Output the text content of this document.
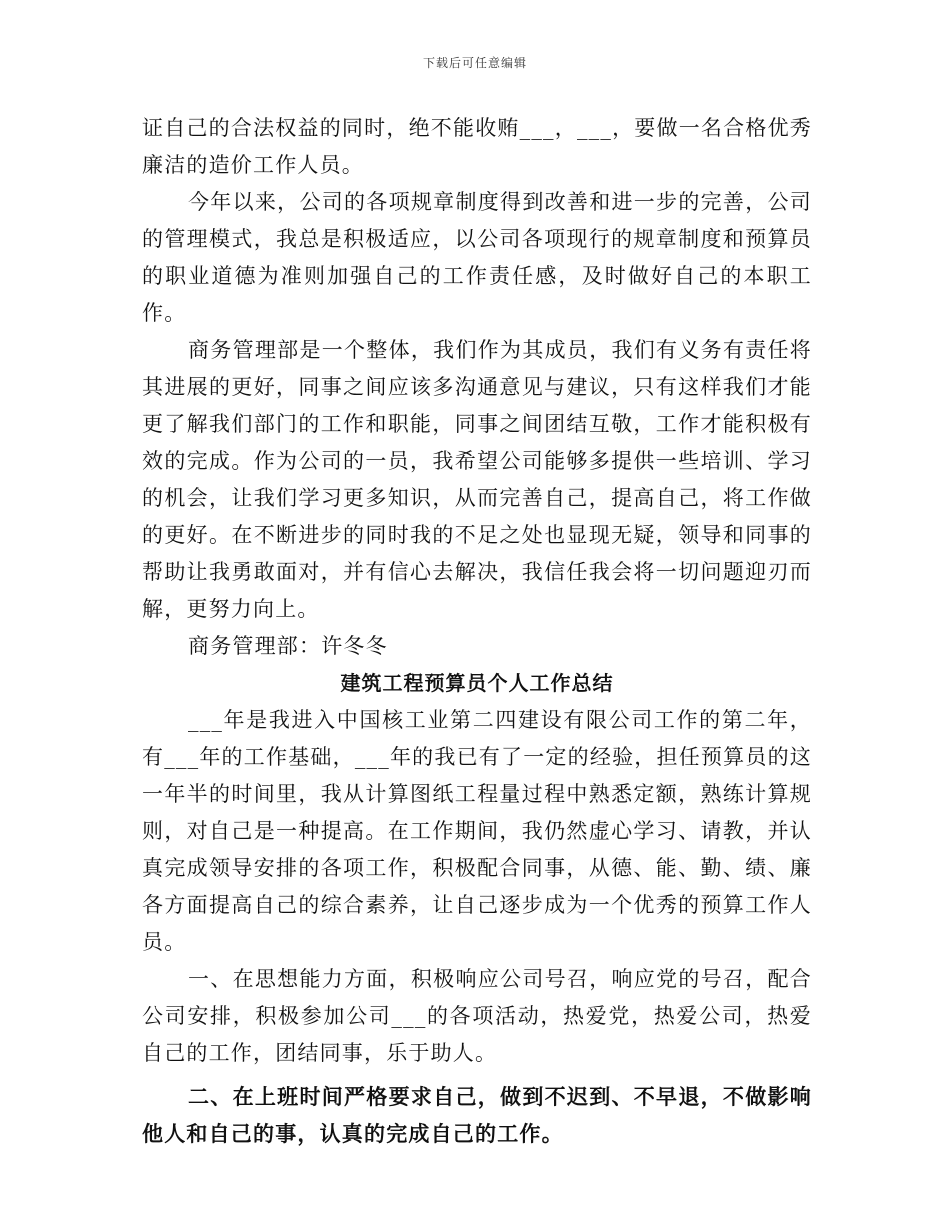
下载后可任意编辑

证自己的合法权益的同时，绝不能收贿___，___，要做一名合格优秀廉洁的造价工作人员。

今年以来，公司的各项规章制度得到改善和进一步的完善，公司的管理模式，我总是积极适应，以公司各项现行的规章制度和预算员的职业道德为准则加强自己的工作责任感，及时做好自己的本职工作。

商务管理部是一个整体，我们作为其成员，我们有义务有责任将其进展的更好，同事之间应该多沟通意见与建议，只有这样我们才能更了解我们部门的工作和职能，同事之间团结互敬，工作才能积极有效的完成。作为公司的一员，我希望公司能够多提供一些培训、学习的机会，让我们学习更多知识，从而完善自己，提高自己，将工作做的更好。在不断进步的同时我的不足之处也显现无疑，领导和同事的帮助让我勇敢面对，并有信心去解决，我信任我会将一切问题迎刃而解，更努力向上。

商务管理部：许冬冬

建筑工程预算员个人工作总结

___年是我进入中国核工业第二四建设有限公司工作的第二年，有___年的工作基础，___年的我已有了一定的经验，担任预算员的这一年半的时间里，我从计算图纸工程量过程中熟悉定额，熟练计算规则，对自己是一种提高。在工作期间，我仍然虚心学习、请教，并认真完成领导安排的各项工作，积极配合同事，从德、能、勤、绩、廉各方面提高自己的综合素养，让自己逐步成为一个优秀的预算工作人员。

一、在思想能力方面，积极响应公司号召，响应党的号召，配合公司安排，积极参加公司___的各项活动，热爱党，热爱公司，热爱自己的工作，团结同事，乐于助人。

二、在上班时间严格要求自己，做到不迟到、不早退，不做影响他人和自己的事，认真的完成自己的工作。
